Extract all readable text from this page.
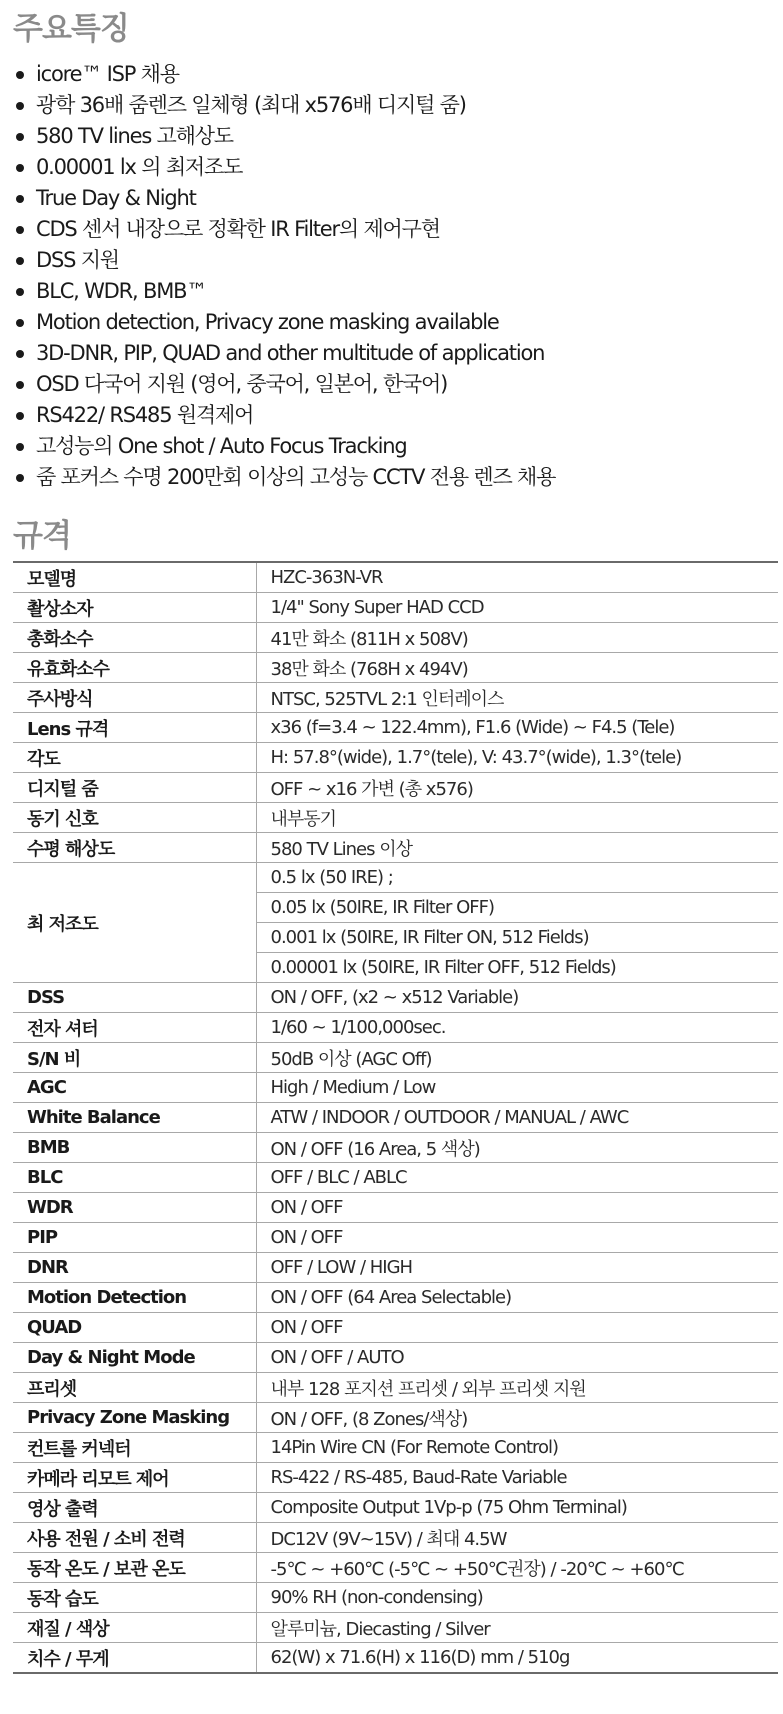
주요특징
icore™ ISP 채용
광학 36배 줌렌즈 일체형 (최대 x576배 디지털 줌)
580 TV lines 고해상도
0.00001 lx 의 최저조도
True Day & Night
CDS 센서 내장으로 정확한 IR Filter의 제어구현
DSS 지원
BLC, WDR, BMB™
Motion detection, Privacy zone masking available
3D-DNR, PIP, QUAD and other multitude of application
OSD 다국어 지원 (영어, 중국어, 일본어, 한국어)
RS422/ RS485 원격제어
고성능의 One shot / Auto Focus Tracking
줌 포커스 수명 200만회 이상의 고성능 CCTV 전용 렌즈 채용
규격
모델명	HZC-363N-VR
촬상소자	1/4" Sony Super HAD CCD
총화소수	41만 화소 (811H x 508V)
유효화소수	38만 화소 (768H x 494V)
주사방식	NTSC, 525TVL 2:1 인터레이스
Lens 규격	x36 (f=3.4 ~ 122.4mm), F1.6 (Wide) ~ F4.5 (Tele)
각도	H: 57.8°(wide), 1.7°(tele), V: 43.7°(wide), 1.3°(tele)
디지털 줌	OFF ~ x16 가변 (총 x576)
동기 신호	내부동기
수평 해상도	580 TV Lines 이상
최 저조도	0.5 lx (50 IRE) ;
	0.05 lx (50IRE, IR Filter OFF)
	0.001 lx (50IRE, IR Filter ON, 512 Fields)
	0.00001 lx (50IRE, IR Filter OFF, 512 Fields)
DSS	ON / OFF, (x2 ~ x512 Variable)
전자 셔터	1/60 ~ 1/100,000sec.
S/N 비	50dB 이상 (AGC Off)
AGC	High / Medium / Low
White Balance	ATW / INDOOR / OUTDOOR / MANUAL / AWC
BMB	ON / OFF (16 Area, 5 색상)
BLC	OFF / BLC / ABLC
WDR	ON / OFF
PIP	ON / OFF
DNR	OFF / LOW / HIGH
Motion Detection	ON / OFF (64 Area Selectable)
QUAD	ON / OFF
Day & Night Mode	ON / OFF / AUTO
프리셋	내부 128 포지션 프리셋 / 외부 프리셋 지원
Privacy Zone Masking	ON / OFF, (8 Zones/색상)
컨트롤 커넥터	14Pin Wire CN (For Remote Control)
카메라 리모트 제어	RS-422 / RS-485, Baud-Rate Variable
영상 출력	Composite Output 1Vp-p (75 Ohm Terminal)
사용 전원 / 소비 전력	DC12V (9V~15V) / 최대 4.5W
동작 온도 / 보관 온도	-5℃ ~ +60℃ (-5℃ ~ +50℃권장) / -20℃ ~ +60℃
동작 습도	90% RH (non-condensing)
재질 / 색상	알루미늄, Diecasting / Silver
치수 / 무게	62(W) x 71.6(H) x 116(D) mm / 510g
